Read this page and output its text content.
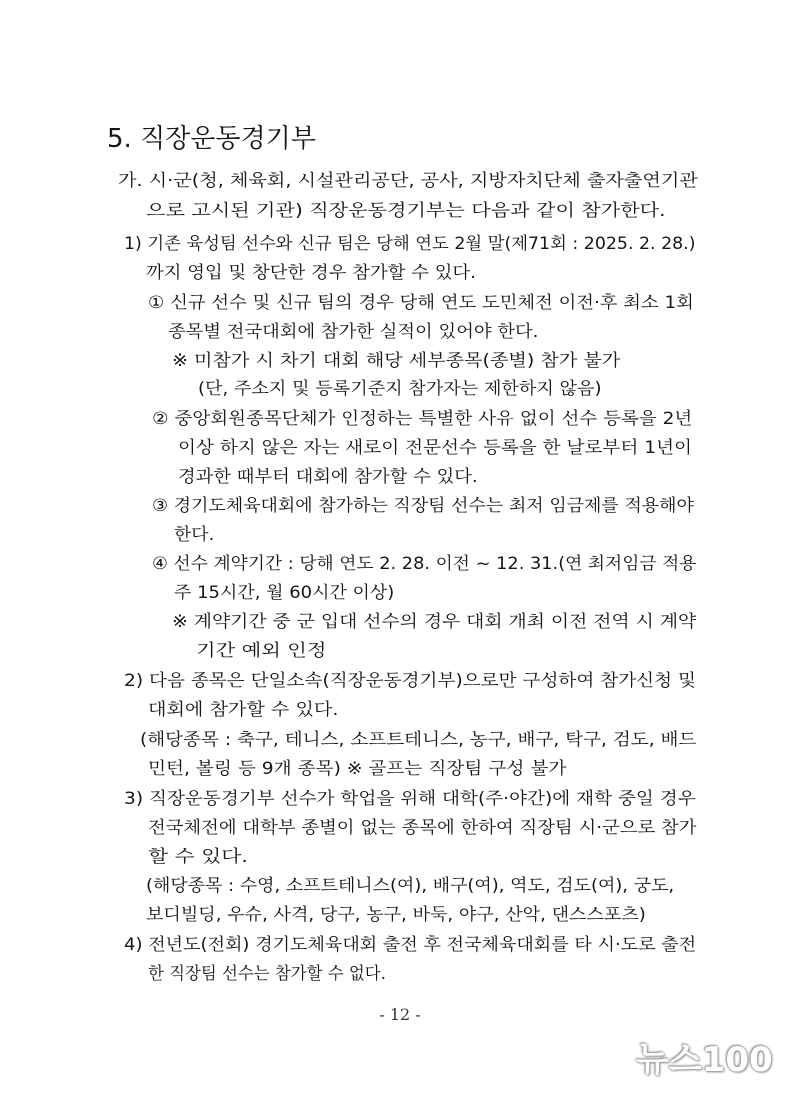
5. 직장운동경기부
가. 시·군(청, 체육회, 시설관리공단, 공사, 지방자치단체 출자출연기관
으로 고시된 기관) 직장운동경기부는 다음과 같이 참가한다.
1) 기존 육성팀 선수와 신규 팀은 당해 연도 2월 말(제71회 : 2025. 2. 28.)
까지 영입 및 창단한 경우 참가할 수 있다.
① 신규 선수 및 신규 팀의 경우 당해 연도 도민체전 이전·후 최소 1회
종목별 전국대회에 참가한 실적이 있어야 한다.
※ 미참가 시 차기 대회 해당 세부종목(종별) 참가 불가
(단, 주소지 및 등록기준지 참가자는 제한하지 않음)
② 중앙회원종목단체가 인정하는 특별한 사유 없이 선수 등록을 2년
이상 하지 않은 자는 새로이 전문선수 등록을 한 날로부터 1년이
경과한 때부터 대회에 참가할 수 있다.
③ 경기도체육대회에 참가하는 직장팀 선수는 최저 임금제를 적용해야
한다.
④ 선수 계약기간 : 당해 연도 2. 28. 이전 ~ 12. 31.(연 최저임금 적용
주 15시간, 월 60시간 이상)
※ 계약기간 중 군 입대 선수의 경우 대회 개최 이전 전역 시 계약
기간 예외 인정
2) 다음 종목은 단일소속(직장운동경기부)으로만 구성하여 참가신청 및
대회에 참가할 수 있다.
(해당종목 : 축구, 테니스, 소프트테니스, 농구, 배구, 탁구, 검도, 배드
민턴, 볼링 등 9개 종목) ※ 골프는 직장팀 구성 불가
3) 직장운동경기부 선수가 학업을 위해 대학(주·야간)에 재학 중일 경우
전국체전에 대학부 종별이 없는 종목에 한하여 직장팀 시·군으로 참가
할 수 있다.
(해당종목 : 수영, 소프트테니스(여), 배구(여), 역도, 검도(여), 궁도,
보디빌딩, 우슈, 사격, 당구, 농구, 바둑, 야구, 산악, 댄스스포츠)
4) 전년도(전회) 경기도체육대회 출전 후 전국체육대회를 타 시·도로 출전
한 직장팀 선수는 참가할 수 없다.
- 12 -
뉴스100
